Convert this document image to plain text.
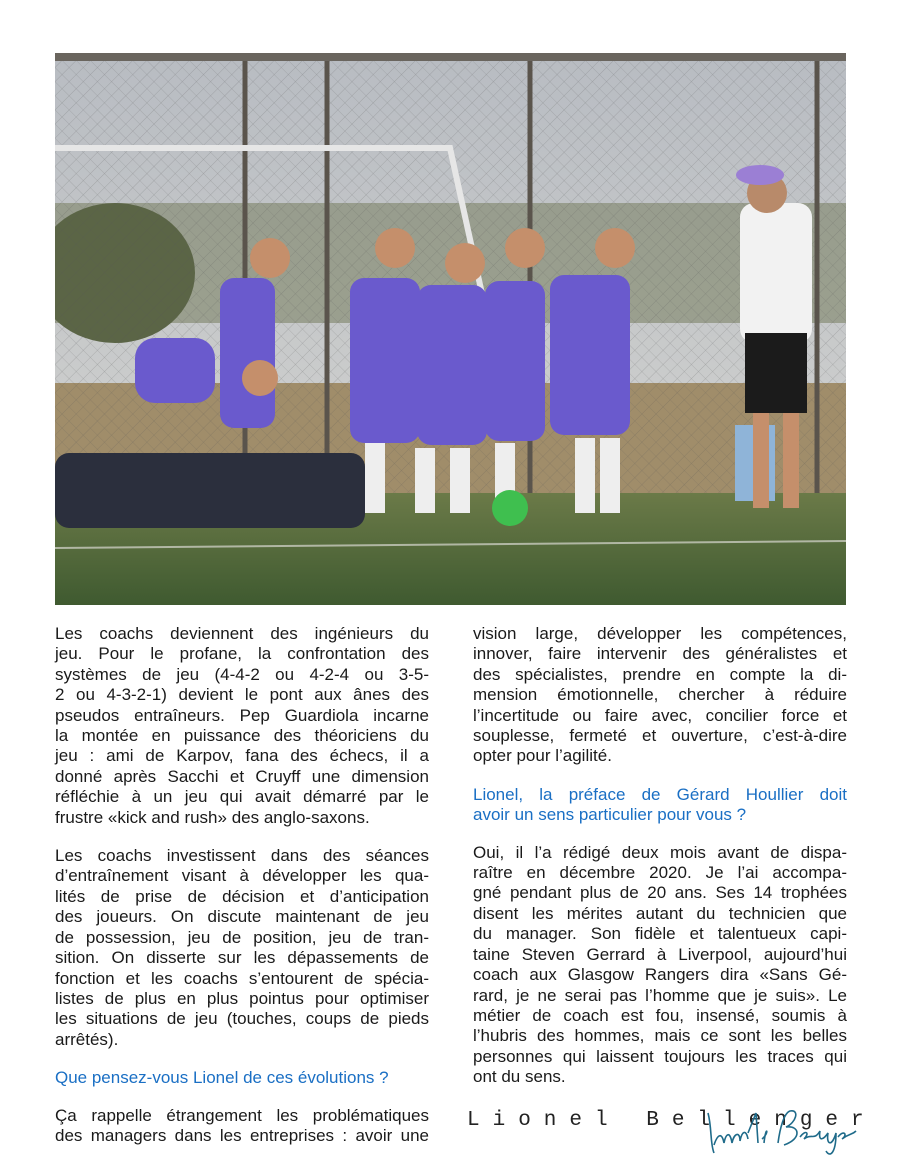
Les coachs deviennent des ingénieurs du
jeu. Pour le profane, la confrontation des
systèmes de jeu (4-4-2 ou 4-2-4 ou 3-5-
2 ou 4-3-2-1) devient le pont aux ânes des
pseudos entraîneurs. Pep Guardiola incarne
la montée en puissance des théoriciens du
jeu : ami de Karpov, fana des échecs, il a
donné après Sacchi et Cruyff une dimension
réfléchie à un jeu qui avait démarré par le
frustre «kick and rush» des anglo-saxons.
Les coachs investissent dans des séances
d’entraînement visant à développer les qua-
lités de prise de décision et d’anticipation
des joueurs. On discute maintenant de jeu
de possession, jeu de position, jeu de tran-
sition. On disserte sur les dépassements de
fonction et les coachs s’entourent de spécia-
listes de plus en plus pointus pour optimiser
les situations de jeu (touches, coups de pieds
arrêtés).
Que pensez-vous Lionel de ces évolutions ?
Ça rappelle étrangement les problématiques
des managers dans les entreprises : avoir une
vision large, développer les compétences,
innover, faire intervenir des généralistes et
des spécialistes, prendre en compte la di-
mension émotionnelle, chercher à réduire
l’incertitude ou faire avec, concilier force et
souplesse, fermeté et ouverture, c’est-à-dire
opter pour l’agilité.
Lionel, la préface de Gérard Houllier doit
avoir un sens particulier pour vous ?
Oui, il l’a rédigé deux mois avant de dispa-
raître en décembre 2020. Je l’ai accompa-
gné pendant plus de 20 ans. Ses 14 trophées
disent les mérites autant du technicien que
du manager. Son fidèle et talentueux capi-
taine Steven Gerrard à Liverpool, aujourd’hui
coach aux Glasgow Rangers dira «Sans Gé-
rard, je ne serai pas l’homme que je suis». Le
métier de coach est fou, insensé, soumis à
l’hubris des hommes, mais ce sont les belles
personnes qui laissent toujours les traces qui
ont du sens.
Lionel Bellenger
